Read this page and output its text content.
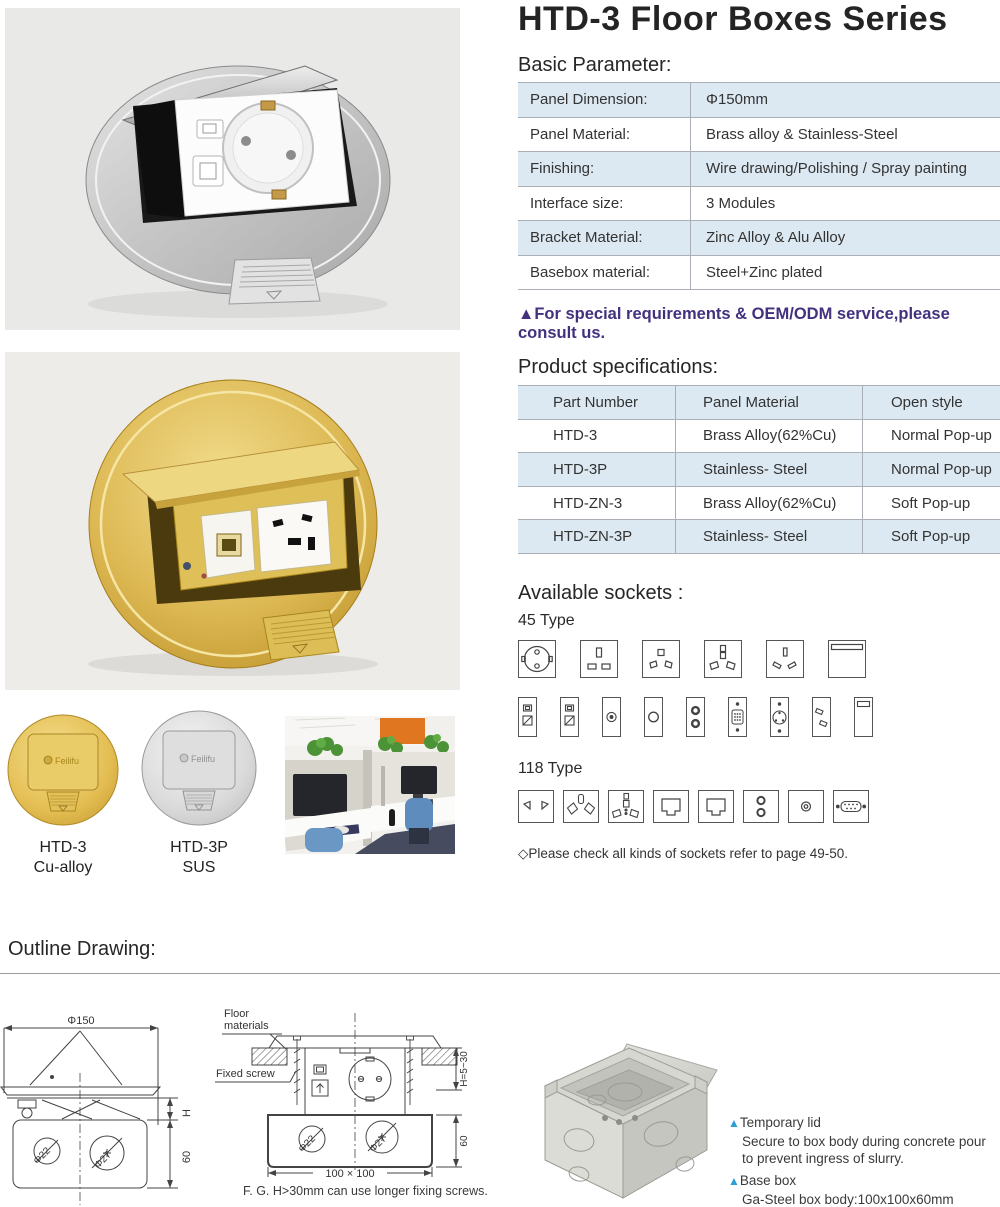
HTD-3 Floor Boxes Series
Basic Parameter:
Panel Dimension:	Φ150mm
Panel Material:	Brass alloy & Stainless-Steel
Finishing:	Wire drawing/Polishing / Spray painting
Interface size:	3 Modules
Bracket Material:	Zinc Alloy & Alu Alloy
Basebox material:	Steel+Zinc plated
▲For special requirements & OEM/ODM service,please consult us.
Product specifications:
Part Number	Panel Material	Open style
HTD-3	Brass Alloy(62%Cu)	Normal Pop-up
HTD-3P	Stainless- Steel	Normal Pop-up
HTD-ZN-3	Brass Alloy(62%Cu)	Soft Pop-up
HTD-ZN-3P	Stainless- Steel	Soft Pop-up
Available sockets :
45 Type
118 Type
◇Please check all kinds of sockets refer to page 49-50.
Feilifu
HTD-3
Cu-alloy
Feilifu
HTD-3P
SUS
Outline Drawing:
Φ150
H
Φ22	Φ27	60
Floor
materials
Fixed screw
Φ22	Φ27
H=5~30
60
100 × 100
F. G. H>30mm can use longer fixing screws.
▲Temporary lid
Secure to box body during concrete pour
to prevent ingress of slurry.
▲Base box
Ga-Steel box body:100x100x60mm
